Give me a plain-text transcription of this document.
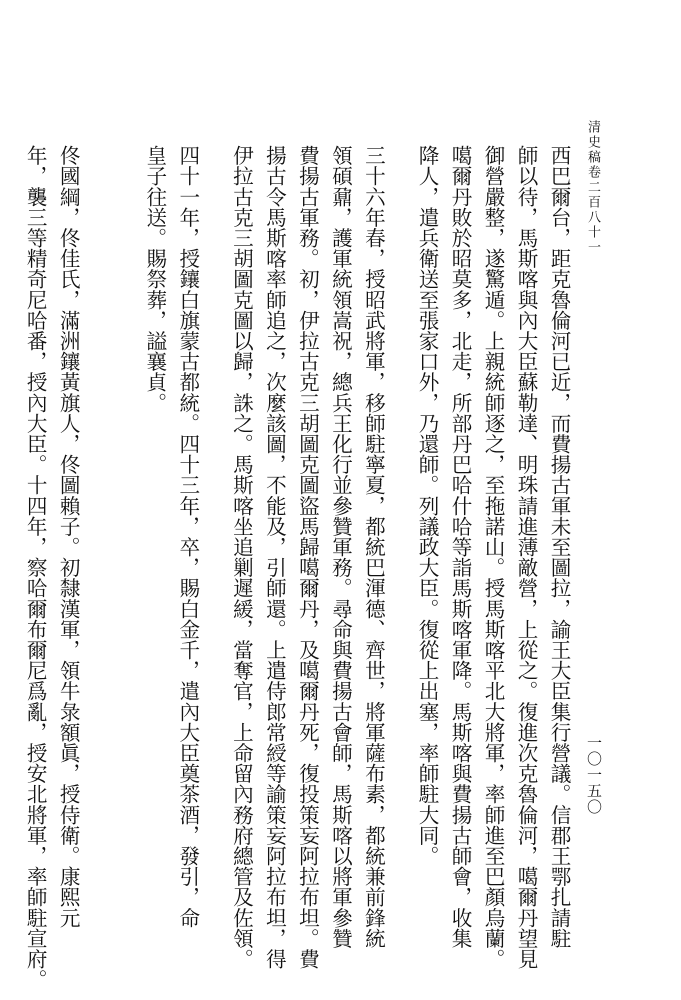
清史稿卷二百八十一
一〇一五〇
西巴爾台，距克魯倫河已近，而費揚古軍未至圖拉，諭王大臣集行營議。信郡王鄂扎請駐
師以待，馬斯喀與內大臣蘇勒達、明珠請進薄敵營，上從之。復進次克魯倫河，噶爾丹望見
御營嚴整，遂驚遁。上親統師逐之，至拖諾山。授馬斯喀平北大將軍，率師進至巴顏烏蘭。
噶爾丹敗於昭莫多，北走，所部丹巴哈什哈等詣馬斯喀軍降。馬斯喀與費揚古師會，收集
降人，遣兵衛送至張家口外，乃還師。列議政大臣。復從上出塞，率師駐大同。
三十六年春，授昭武將軍，移師駐寧夏，都統巴渾德、齊世，將軍薩布素，都統兼前鋒統
領碩鼐，護軍統領嵩祝，總兵王化行並參贊軍務。尋命與費揚古會師，馬斯喀以將軍參贊
費揚古軍務。初，伊拉古克三胡圖克圖盜馬歸噶爾丹，及噶爾丹死，復投策妄阿拉布坦。費
揚古令馬斯喀率師追之，次麼該圖，不能及，引師還。上遣侍郎常綬等諭策妄阿拉布坦，得
伊拉古克三胡圖克圖以歸，誅之。馬斯喀坐追剿遲緩，當奪官，上命留內務府總管及佐領。
四十一年，授鑲白旗蒙古都統。四十三年，卒，賜白金千，遣內大臣奠茶酒，發引，命
皇子往送。賜祭葬，謚襄貞。

佟國綱，佟佳氏，滿洲鑲黃旗人，佟圖賴子。初隸漢軍，領牛彔額眞，授侍衛。康熙元
年，襲三等精奇尼哈番，授內大臣。十四年，察哈爾布爾尼爲亂，授安北將軍，率師駐宣府。
